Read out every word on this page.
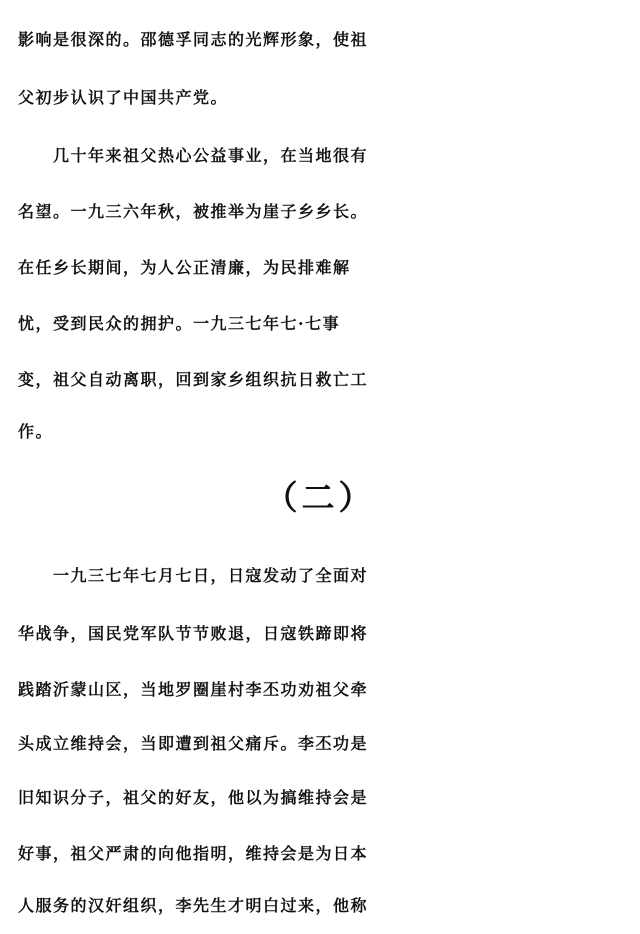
影响是很深的。邵德孚同志的光辉形象，使祖
父初步认识了中国共产党。
　　几十年来祖父热心公益事业，在当地很有
名望。一九三六年秋，被推举为崖子乡乡长。
在任乡长期间，为人公正清廉，为民排难解
忧，受到民众的拥护。一九三七年七·七事
变，祖父自动离职，回到家乡组织抗日救亡工
作。
（二）
　　一九三七年七月七日，日寇发动了全面对
华战争，国民党军队节节败退，日寇铁蹄即将
践踏沂蒙山区，当地罗圈崖村李丕功劝祖父牵
头成立维持会，当即遭到祖父痛斥。李丕功是
旧知识分子，祖父的好友，他以为搞维持会是
好事，祖父严肃的向他指明，维持会是为日本
人服务的汉奸组织，李先生才明白过来，他称
